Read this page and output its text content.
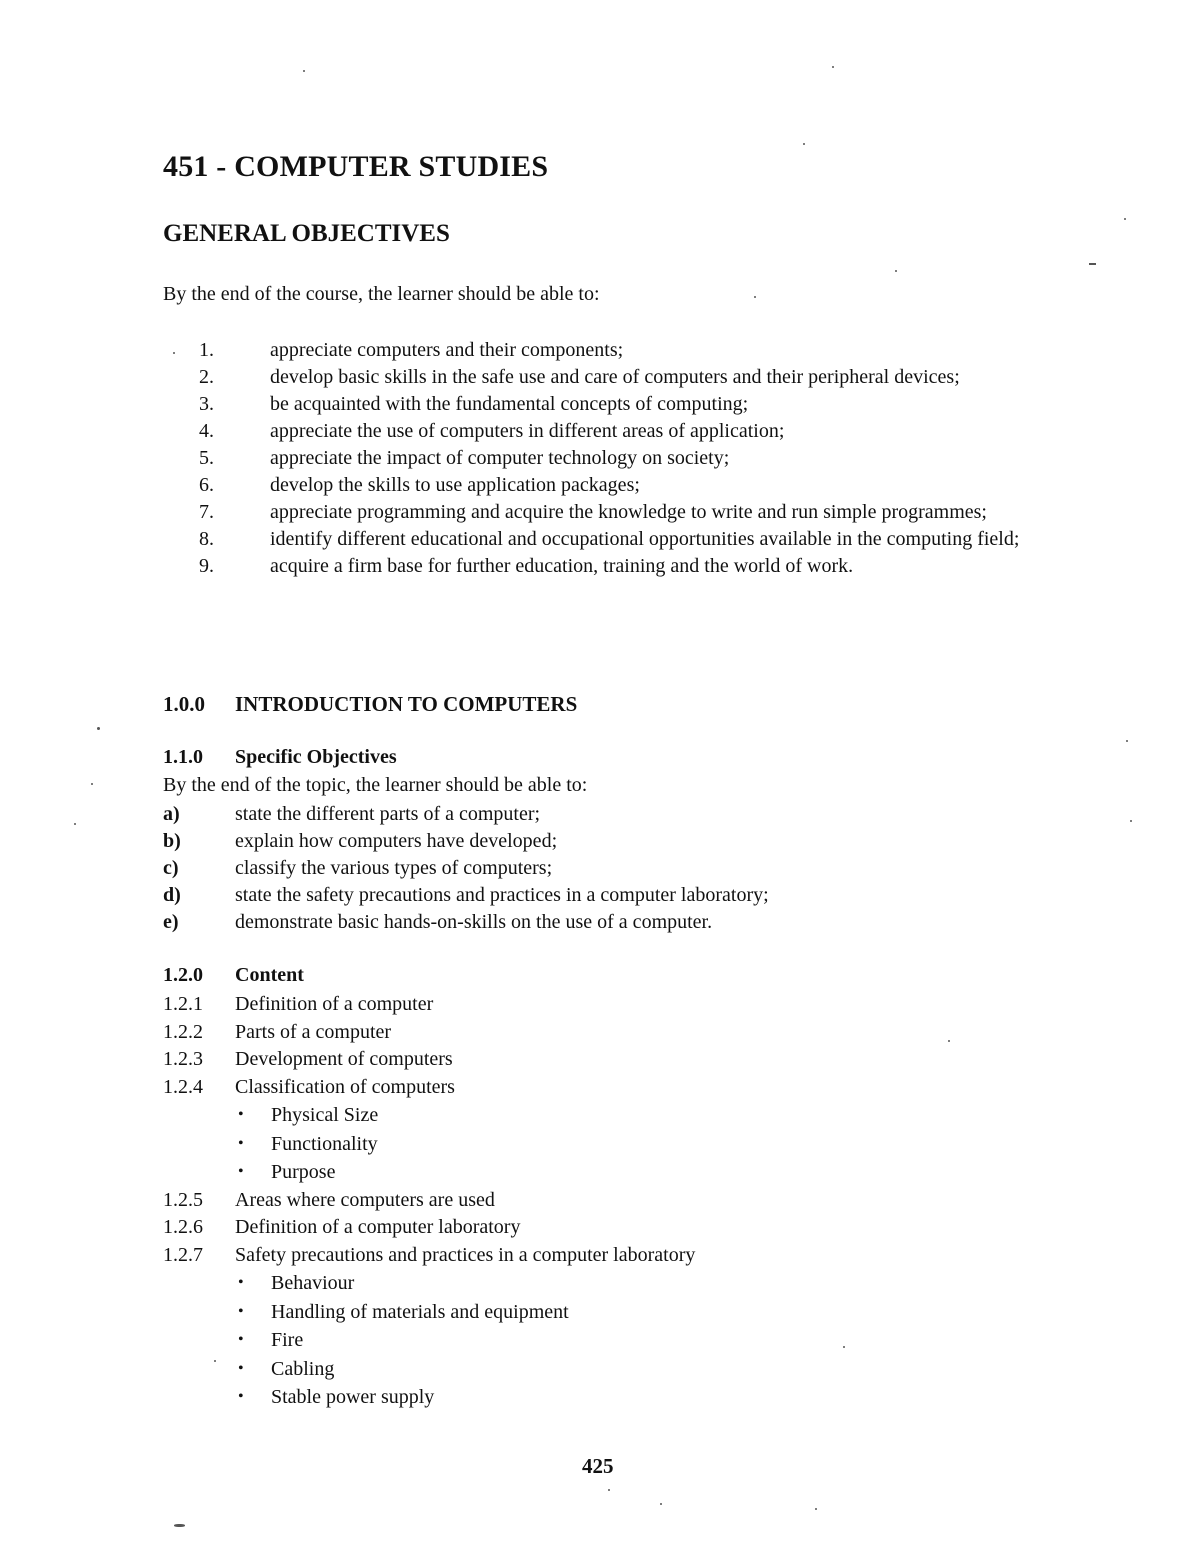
451 - COMPUTER STUDIES
GENERAL OBJECTIVES

By the end of the course, the learner should be able to:

1.	appreciate computers and their components;
2.	develop basic skills in the safe use and care of computers and their peripheral devices;
3.	be acquainted with the fundamental concepts of computing;
4.	appreciate the use of computers in different areas of application;
5.	appreciate the impact of computer technology on society;
6.	develop the skills to use application packages;
7.	appreciate programming and acquire the knowledge to write and run simple programmes;
8.	identify different educational and occupational opportunities available in the computing field;
9.	acquire a firm base for further education, training and the world of work.
1.0.0 INTRODUCTION TO COMPUTERS
1.1.0 Specific Objectives

By the end of the topic, the learner should be able to:

a)	state the different parts of a computer;
b)	explain how computers have developed;
c)	classify the various types of computers;
d)	state the safety precautions and practices in a computer laboratory;
e)	demonstrate basic hands-on-skills on the use of a computer.
1.2.0 Content
1.2.1 Definition of a computer
1.2.2 Parts of a computer
1.2.3 Development of computers
1.2.4 Classification of computers
• Physical Size
• Functionality
• Purpose
1.2.5 Areas where computers are used
1.2.6 Definition of a computer laboratory
1.2.7 Safety precautions and practices in a computer laboratory
• Behaviour
• Handling of materials and equipment
• Fire
• Cabling
• Stable power supply

425
